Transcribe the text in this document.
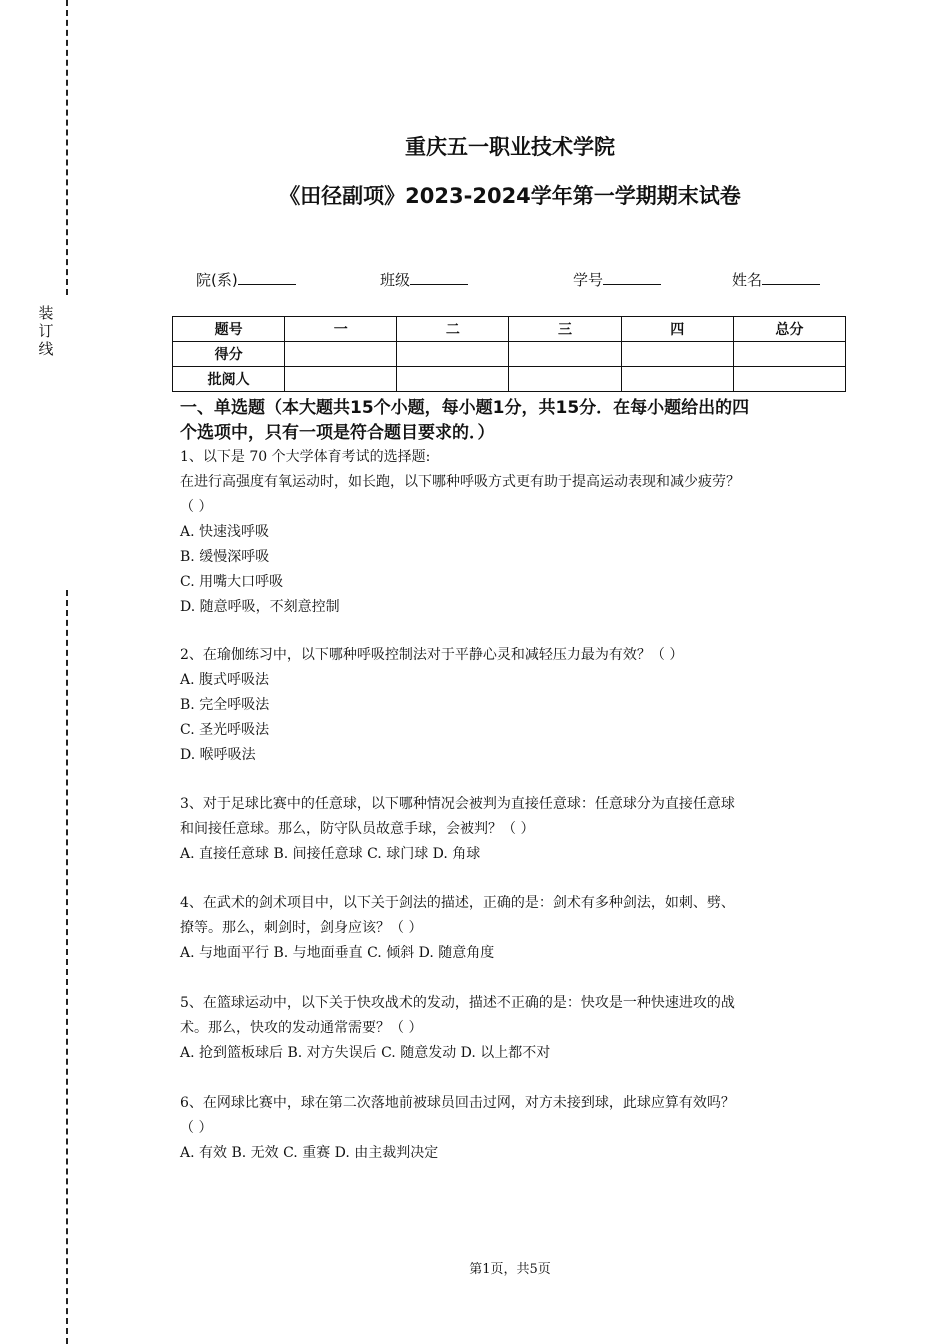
装
订
线
重庆五一职业技术学院
《田径副项》2023-2024学年第一学期期末试卷
院(系)	班级	学号	姓名
题号	一	二	三	四	总分
得分					
批阅人					
一、单选题（本大题共15个小题，每小题1分，共15分．在每小题给出的四
个选项中，只有一项是符合题目要求的．）

1、以下是 70 个大学体育考试的选择题:

在进行高强度有氧运动时，如长跑，以下哪种呼吸方式更有助于提高运动表现和减少疲劳？

（ ）

A. 快速浅呼吸

B. 缓慢深呼吸

C. 用嘴大口呼吸

D. 随意呼吸，不刻意控制

2、在瑜伽练习中，以下哪种呼吸控制法对于平静心灵和减轻压力最为有效？（ ）

A. 腹式呼吸法

B. 完全呼吸法

C. 圣光呼吸法

D. 喉呼吸法

3、对于足球比赛中的任意球，以下哪种情况会被判为直接任意球：任意球分为直接任意球

和间接任意球。那么，防守队员故意手球，会被判？（ ）

A. 直接任意球 B. 间接任意球 C. 球门球 D. 角球

4、在武术的剑术项目中，以下关于剑法的描述，正确的是：剑术有多种剑法，如刺、劈、

撩等。那么，刺剑时，剑身应该？（ ）

A. 与地面平行 B. 与地面垂直 C. 倾斜 D. 随意角度

5、在篮球运动中，以下关于快攻战术的发动，描述不正确的是：快攻是一种快速进攻的战

术。那么，快攻的发动通常需要？（ ）

A. 抢到篮板球后 B. 对方失误后 C. 随意发动 D. 以上都不对

6、在网球比赛中，球在第二次落地前被球员回击过网，对方未接到球，此球应算有效吗？

（ ）

A. 有效 B. 无效 C. 重赛 D. 由主裁判决定

第1页，共5页
